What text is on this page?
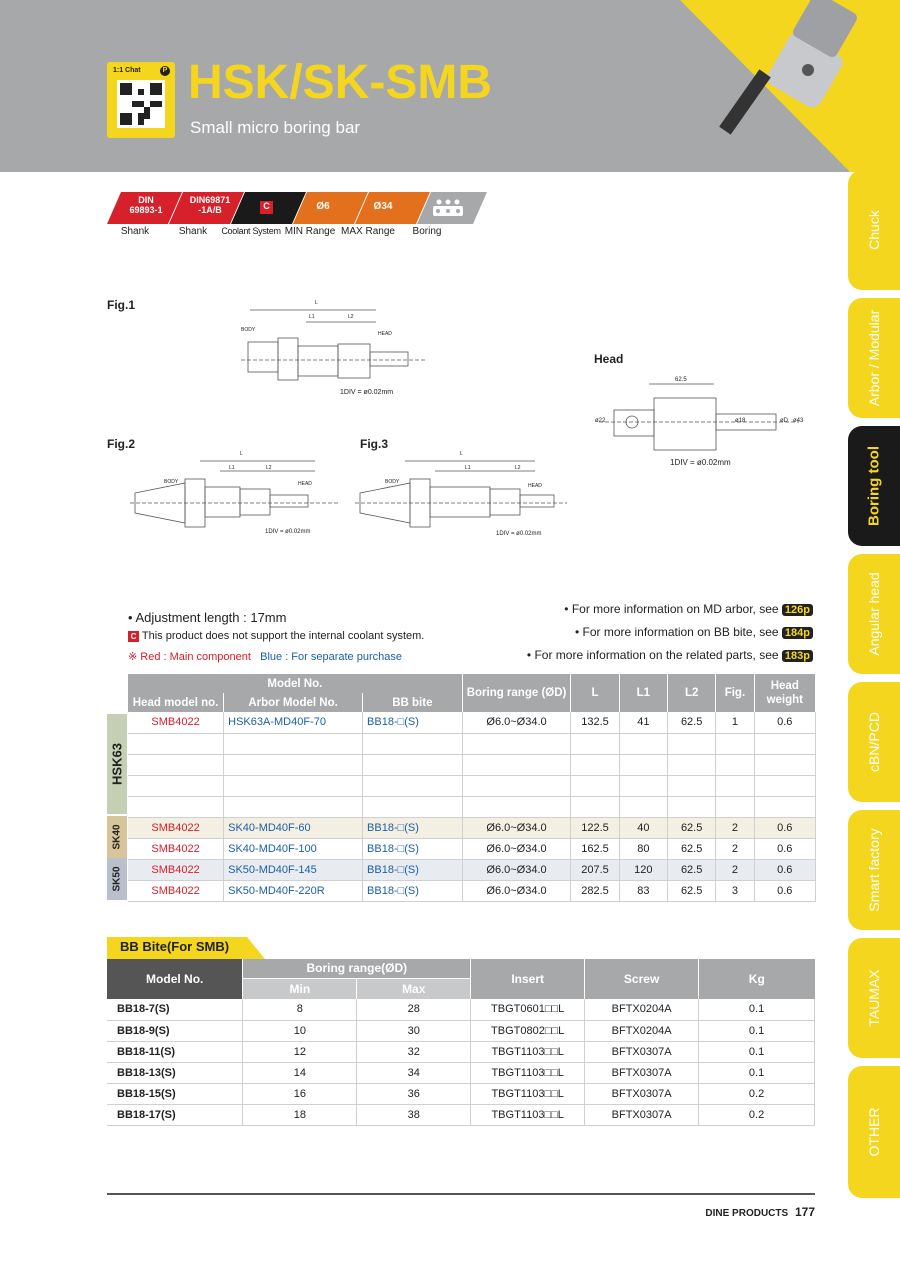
1:1 Chat	P HSK/SK-SMB
Small micro boring bar
Chuck
Arbor / Modular
Boring tool
Angular head
cBN/PCD
Smart factory
TAUMAX
OTHER
DIN
69893-1
DIN69871
-1A/B	C	Ø6	Ø34
Shank	Shank	Coolant System MIN Range MAX Range	Boring
Fig.1
Fig.2	Fig.3
Head
L
L1	L2
BODY
HEAD
1DIV = ø0.02mm
62.5
ø22	ø18	øD ø43
1DIV = ø0.02mm
L
L1	L2
BODY	HEAD
1DIV = ø0.02mm
L
L1	L2
BODY
HEAD
1DIV = ø0.02mm
• Adjustment length : 17mm
C This product does not support the internal coolant system.
※ Red : Main component Blue : For separate purchase
• For more information on MD arbor, see 126p
• For more information on BB bite, see 184p
• For more information on the related parts, see 183p
HSK63
SK40
SK50
Model No.			Boring range (ØD)	L	L1	L2	Fig.	Head weight
Head model no.	Arbor Model No.	BB bite						
SMB4022	HSK63A-MD40F-70	BB18-□(S)	Ø6.0~Ø34.0	132.5	41	62.5	1	0.6

SMB4022	SK40-MD40F-60	BB18-□(S)	Ø6.0~Ø34.0	122.5	40	62.5	2	0.6
SMB4022	SK40-MD40F-100	BB18-□(S)	Ø6.0~Ø34.0	162.5	80	62.5	2	0.6
SMB4022	SK50-MD40F-145	BB18-□(S)	Ø6.0~Ø34.0	207.5	120	62.5	2	0.6
SMB4022	SK50-MD40F-220R	BB18-□(S)	Ø6.0~Ø34.0	282.5	83	62.5	3	0.6
BB Bite(For SMB)
Model No.	Boring range(ØD)		Insert	Screw	Kg
	Min	Max			
BB18-7(S)	8	28	TBGT0601□□L	BFTX0204A	0.1
BB18-9(S)	10	30	TBGT0802□□L	BFTX0204A	0.1
BB18-11(S)	12	32	TBGT1103□□L	BFTX0307A	0.1
BB18-13(S)	14	34	TBGT1103□□L	BFTX0307A	0.1
BB18-15(S)	16	36	TBGT1103□□L	BFTX0307A	0.2
BB18-17(S)	18	38	TBGT1103□□L	BFTX0307A	0.2
DINE PRODUCTS 177
